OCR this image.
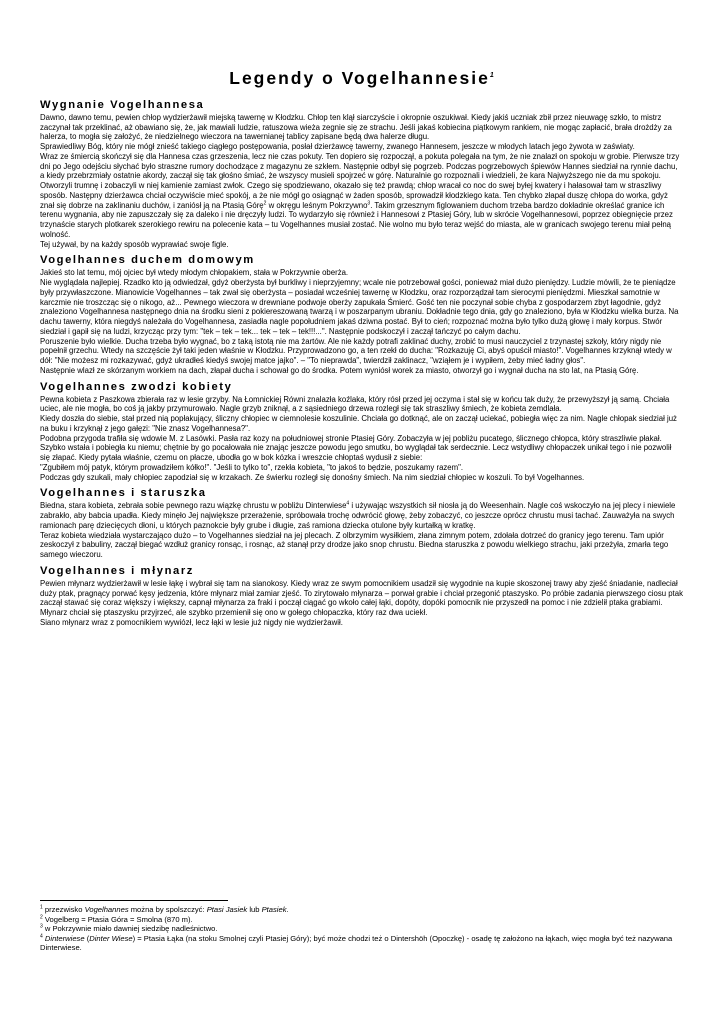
Legendy o Vogelhannesie$^1$
Wygnanie Vogelhannesa
Dawno, dawno temu, pewien chłop wydzierżawił miejską tawernę w Kłodzku. Chłop ten klął siarczyście i okropnie oszukiwał. Kiedy jakiś uczniak zbił przez nieuwagę szkło, to mistrz zaczynał tak przeklinać, aż obawiano się, że, jak mawiali ludzie, ratuszowa wieża zegnie się ze strachu. Jeśli jakaś kobiecina piątkowym rankiem, nie mogąc zapłacić, brała drożdży za halerza, to mogła się założyć, że niedzielnego wieczora na tawernianej tablicy zapisane będą dwa halerze długu.
Sprawiedliwy Bóg, który nie mógł znieść takiego ciągłego postępowania, posłał dzierżawcę tawerny, zwanego Hannesem, jeszcze w młodych latach jego żywota w zaświaty.
Wraz ze śmiercią skończył się dla Hannesa czas grzeszenia, lecz nie czas pokuty. Ten dopiero się rozpoczął, a pokuta polegała na tym, że nie znalazł on spokoju w grobie. Pierwsze trzy dni po Jego odejściu słychać było straszne rumory dochodzące z magazynu ze szkłem. Następnie odbył się pogrzeb. Podczas pogrzebowych śpiewów Hannes siedział na rynnie dachu, a kiedy przebrzmiały ostatnie akordy, zaczął się tak głośno śmiać, że wszyscy musieli spojrzeć w górę. Naturalnie go rozpoznali i wiedzieli, że kara Najwyższego nie da mu spokoju. Otworzyli trumnę i zobaczyli w niej kamienie zamiast zwłok. Czego się spodziewano, okazało się też prawdą; chłop wracał co noc do swej byłej kwatery i hałasował tam w straszliwy sposób. Następny dzierżawca chciał oczywiście mieć spokój, a że nie mógł go osiągnąć w żaden sposób, sprowadził kłodzkiego kata. Ten chybko złapał duszę chłopa do worka, gdyż znał się dobrze na zaklinaniu duchów, i zaniósł ją na Ptasią Górę$^2$ w okręgu leśnym Pokrzywno$^3$. Takim grzesznym figlowaniem duchom trzeba bardzo dokładnie określać granice ich terenu wygnania, aby nie zapuszczały się za daleko i nie dręczyły ludzi. To wydarzyło się również i Hannesowi z Ptasiej Góry, lub w skrócie Vogelhannesowi, poprzez obiegnięcie przez trzynaście starych plotkarek szerokiego rewiru na polecenie kata – tu Vogelhannes musiał zostać. Nie wolno mu było teraz wejść do miasta, ale w granicach swojego terenu miał pełną wolność.
Tej używał, by na każdy sposób wyprawiać swoje figle.
Vogelhannes duchem domowym
Jakieś sto lat temu, mój ojciec był wtedy młodym chłopakiem, stała w Pokrzywnie oberża.
Nie wyglądała najlepiej. Rzadko kto ją odwiedzał, gdyż oberżysta był burkliwy i nieprzyjemny; wcale nie potrzebował gości, ponieważ miał dużo pieniędzy. Ludzie mówili, że te pieniądze były przywłaszczone. Mianowicie Vogelhannes – tak zwał się oberżysta – posiadał wcześniej tawernę w Kłodzku, oraz rozporządzał tam sierocymi pieniędzmi. Mieszkał samotnie w karczmie nie troszcząc się o nikogo, aż... Pewnego wieczora w drewniane podwoje oberży zapukała Śmierć. Gość ten nie poczynał sobie chyba z gospodarzem zbyt łagodnie, gdyż znaleziono Vogelhannesa następnego dnia na środku sieni z pokiereszowaną twarzą i w poszarpanym ubraniu. Dokładnie tego dnia, gdy go znaleziono, była w Kłodzku wielka burza. Na dachu tawerny, która niegdyś należała do Vogelhannesa, zasiadła nagle popołudniem jakaś dziwna postać. Był to cień; rozpoznać można było tylko dużą głowę i mały korpus. Stwór siedział i gapił się na ludzi, krzycząc przy tym: "tek – tek – tek... tek – tek – tek!!!...". Następnie podskoczył i zaczął tańczyć po całym dachu.
Poruszenie było wielkie. Ducha trzeba było wygnać, bo z taką istotą nie ma żartów. Ale nie każdy potrafi zaklinać duchy, zrobić to musi nauczyciel z trzynastej szkoły, który nigdy nie popełnił grzechu. Wtedy na szczęście żył taki jeden właśnie w Kłodzku. Przyprowadzono go, a ten rzekł do ducha: "Rozkazuję Ci, abyś opuścił miasto!". Vogelhannes krzyknął wtedy w dół: "Nie możesz mi rozkazywać, gdyż ukradłeś kiedyś swojej matce jajko". – "To nieprawda", twierdził zaklinacz, "wziąłem je i wypiłem, żeby mieć ładny głos".
Następnie wlazł ze skórzanym workiem na dach, złapał ducha i schował go do środka. Potem wyniósł worek za miasto, otworzył go i wygnał ducha na sto lat, na Ptasią Górę.
Vogelhannes zwodzi kobiety
Pewna kobieta z Paszkowa zbierała raz w lesie grzyby. Na Łomnickiej Równi znalazła koźlaka, który rósł przed jej oczyma i stał się w końcu tak duży, że przewyższył ją samą. Chciała uciec, ale nie mogła, bo coś ją jakby przymurowało. Nagle grzyb zniknął, a z sąsiedniego drzewa rozległ się tak straszliwy śmiech, że kobieta zemdlała.
Kiedy doszła do siebie, stał przed nią popłakujący, śliczny chłopiec w ciemnolesie koszulinie. Chciała go dotknąć, ale on zaczął uciekać, pobiegła więc za nim. Nagle chłopak siedział już na buku i krzyknął z jego gałęzi: "Nie znasz Vogelhannesa?".
Podobna przygoda trafiła się wdowie M. z Lasówki. Pasła raz kozy na południowej stronie Ptasiej Góry. Zobaczyła w jej pobliżu pucatego, ślicznego chłopca, który straszliwie płakał. Szybko wstała i pobiegła ku niemu; chętnie by go pocałowała nie znając jeszcze powodu jego smutku, bo wyglądał tak serdecznie. Lecz wstydliwy chłopaczek unikał tego i nie pozwolił się złapać. Kiedy pytała właśnie, czemu on płacze, ubodła go w bok kózka i wreszcie chłoptaś wydusił z siebie:
"Zgubiłem mój patyk, którym prowadziłem kółko!". "Jeśli to tylko to", rzekła kobieta, "to jakoś to będzie, poszukamy razem".
Podczas gdy szukali, mały chłopiec zapodział się w krzakach. Ze świerku rozległ się donośny śmiech. Na nim siedział chłopiec w koszuli. To był Vogelhannes.
Vogelhannes i staruszka
Biedna, stara kobieta, zebrała sobie pewnego razu wiązkę chrustu w pobliżu Dinterwiese$^4$ i używając wszystkich sił niosła ją do Weesenhain. Nagle coś wskoczyło na jej plecy i niewiele zabrakło, aby babcia upadła. Kiedy minęło Jej największe przerażenie, spróbowała trochę odwrócić głowę, żeby zobaczyć, co jeszcze oprócz chrustu musi tachać. Zauważyła na swych ramionach parę dziecięcych dłoni, u których paznokcie były grube i długie, zaś ramiona dziecka otulone były kurtałką w kratkę.
Teraz kobieta wiedziała wystarczająco dużo – to Vogelhannes siedział na jej plecach. Z olbrzymim wysiłkiem, złana zimnym potem, zdołała dotrzeć do granicy jego terenu. Tam upiór zeskoczył z babuliny, zaczął biegać wzdłuż granicy ronsąc, i rosnąc, aż stanął przy drodze jako snop chrustu. Biedna staruszka z powodu wielkiego strachu, jaki przeżyła, zmarła tego samego wieczoru.
Vogelhannes i młynarz
Pewien młynarz wydzierżawił w lesie łąkę i wybrał się tam na sianokosy. Kiedy wraz ze swym pomocnikiem usadził się wygodnie na kupie skoszonej trawy aby zjeść śniadanie, nadleciał duży ptak, pragnący porwać kęsy jedzenia, które młynarz miał zamiar zjeść. To zirytowało młynarza – porwał grabie i chciał przegonić ptaszysko. Po próbie zadania pierwszego ciosu ptak zaczął stawać się coraz większy i większy, capnął młynarza za fraki i począł ciągać go wkoło całej łąki, dopóty, dopóki pomocnik nie przyszedł na pomoc i nie zdzielił ptaka grabiami. Młynarz chciał się ptaszysku przyjrzeć, ale szybko przemienił się ono w gołego chłopaczka, który raz dwa uciekł.
Siano młynarz wraz z pomocnikiem wywiózł, lecz łąki w lesie już nigdy nie wydzierżawił.

$^1$ przezwisko Vogelhannes można by spolszczyć: Ptasi Jasiek lub Ptasiek.

$^2$ Vogelberg = Ptasia Góra = Smolna (870 m).

$^3$ w Pokrzywnie miało dawniej siedzibę nadleśnictwo.

$^4$ Dinterwiese (Dinter Wiese) = Ptasia Łąka (na stoku Smolnej czyli Ptasiej Góry); być może chodzi też o Dintershöh (Opoczkę) - osadę tę założono na łąkach, więc mogła być też nazywana Dinterwiese.
